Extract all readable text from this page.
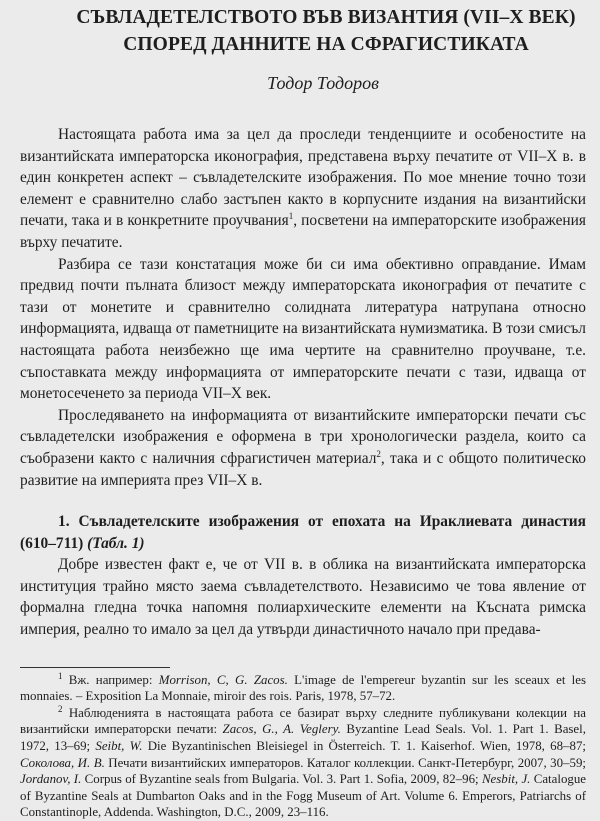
СЪВЛАДЕТЕЛСТВОТО ВЪВ ВИЗАНТИЯ (VII–X ВЕК)
СПОРЕД ДАННИТЕ НА СФРАГИСТИКАТА
Тодор Тодоров

Настоящата работа има за цел да проследи тенденциите и особеностите на византийската императорска иконография, представена върху печатите от VII–X в. в един конкретен аспект – съвладетелските изображения. По мое мнение точно този елемент е сравнително слабо застъпен както в корпусните издания на византийски печати, така и в конкретните проучвания$^1$, посветени на императорските изображения върху печатите.

Разбира се тази констатация може би си има обективно оправдание. Имам предвид почти пълната близост между императорската иконография от печатите с тази от монетите и сравнително солидната литература натрупана относно информацията, идваща от паметниците на византийската нумизматика. В този смисъл настоящата работа неизбежно ще има чертите на сравнително проучване, т.е. съпоставката между информацията от императорските печати с тази, идваща от монетосеченето за периода VII–X век.

Проследяването на информацията от византийските императорски печати със съвладетелски изображения е оформена в три хронологически раздела, които са съобразени както с наличния сфрагистичен материал$^2$, така и с общото политическо развитие на империята през VII–X в.

1. Съвладетелските изображения от епохата на Ираклиевата династия (610–711) (Табл. 1)

Добре известен факт е, че от VII в. в облика на византийската императорска институция трайно място заема съвладетелството. Независимо че това явление от формална гледна точка напомня полиархическите елементи на Късната римска империя, реално то имало за цел да утвърди династичното начало при предава-

$^1$ Вж. например: Morrison, C, G. Zacos. L'image de l'empereur byzantin sur les sceaux et les monnaies. – Exposition La Monnaie, miroir des rois. Paris, 1978, 57–72.

$^2$ Наблюденията в настоящата работа се базират върху следните публикувани колекции на византийски императорски печати: Zacos, G., A. Veglery. Byzantine Lead Seals. Vol. 1. Part 1. Basel, 1972, 13–69; Seibt, W. Die Byzantinischen Bleisiegel in Österreich. T. 1. Kaiserhof. Wien, 1978, 68–87; Соколова, И. В. Печати византийских императоров. Каталог коллекции. Санкт-Петербург, 2007, 30–59; Jordanov, I. Corpus of Byzantine seals from Bulgaria. Vol. 3. Part 1. Sofia, 2009, 82–96; Nesbit, J. Catalogue of Byzantine Seals at Dumbarton Oaks and in the Fogg Museum of Art. Volume 6. Emperors, Patriarchs of Constantinople, Addenda. Washington, D.C., 2009, 23–116.
